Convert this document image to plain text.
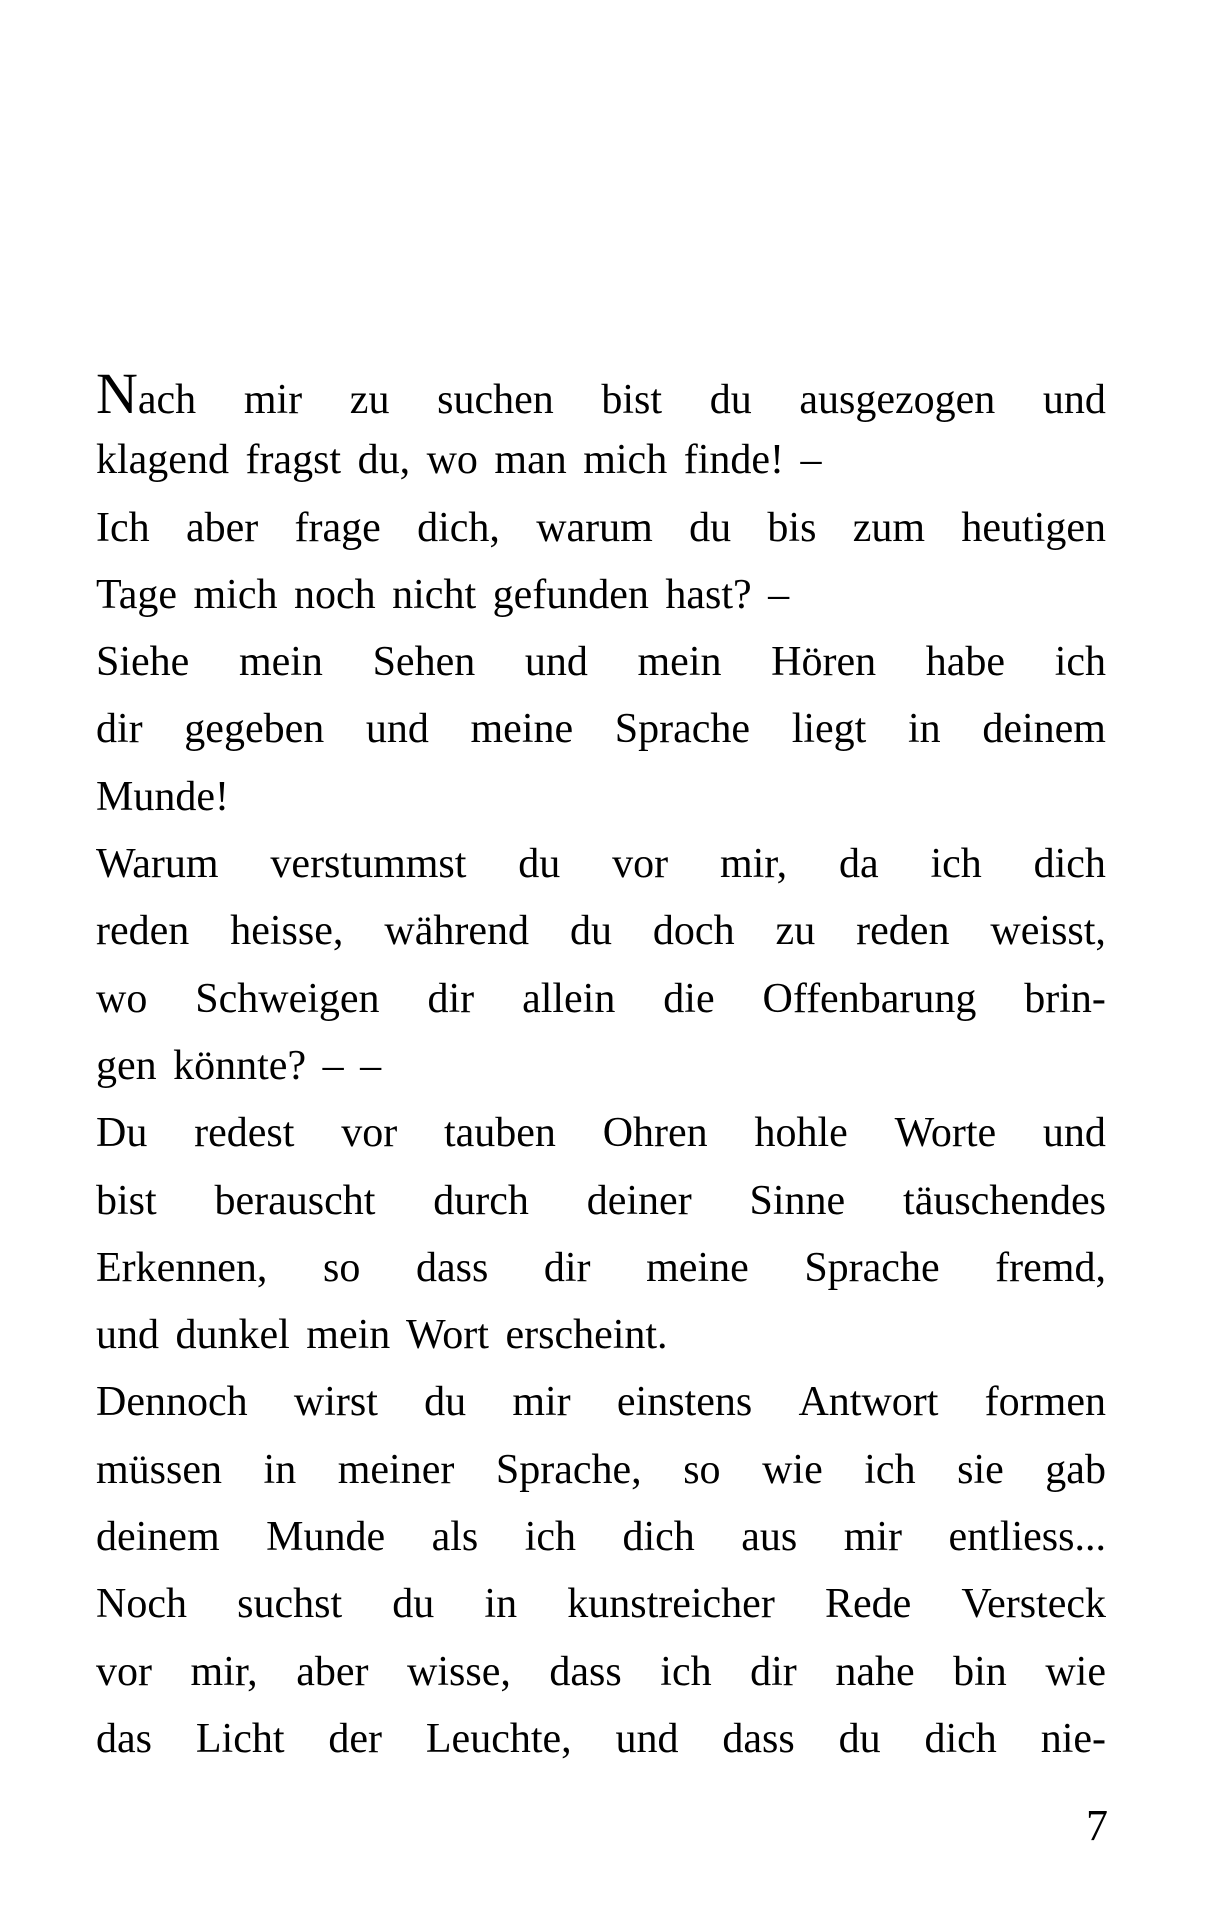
Nach mir zu suchen bist du ausgezogen und
klagend fragst du, wo man mich finde! –
Ich aber frage dich, warum du bis zum heutigen
Tage mich noch nicht gefunden hast? –
Siehe mein Sehen und mein Hören habe ich
dir gegeben und meine Sprache liegt in deinem
Munde!
Warum verstummst du vor mir, da ich dich
reden heisse, während du doch zu reden weisst,
wo Schweigen dir allein die Offenbarung brin-
gen könnte? – –
Du redest vor tauben Ohren hohle Worte und
bist berauscht durch deiner Sinne täuschendes
Erkennen, so dass dir meine Sprache fremd,
und dunkel mein Wort erscheint.
Dennoch wirst du mir einstens Antwort formen
müssen in meiner Sprache, so wie ich sie gab
deinem Munde als ich dich aus mir entliess...
Noch suchst du in kunstreicher Rede Versteck
vor mir, aber wisse, dass ich dir nahe bin wie
das Licht der Leuchte, und dass du dich nie-
7
